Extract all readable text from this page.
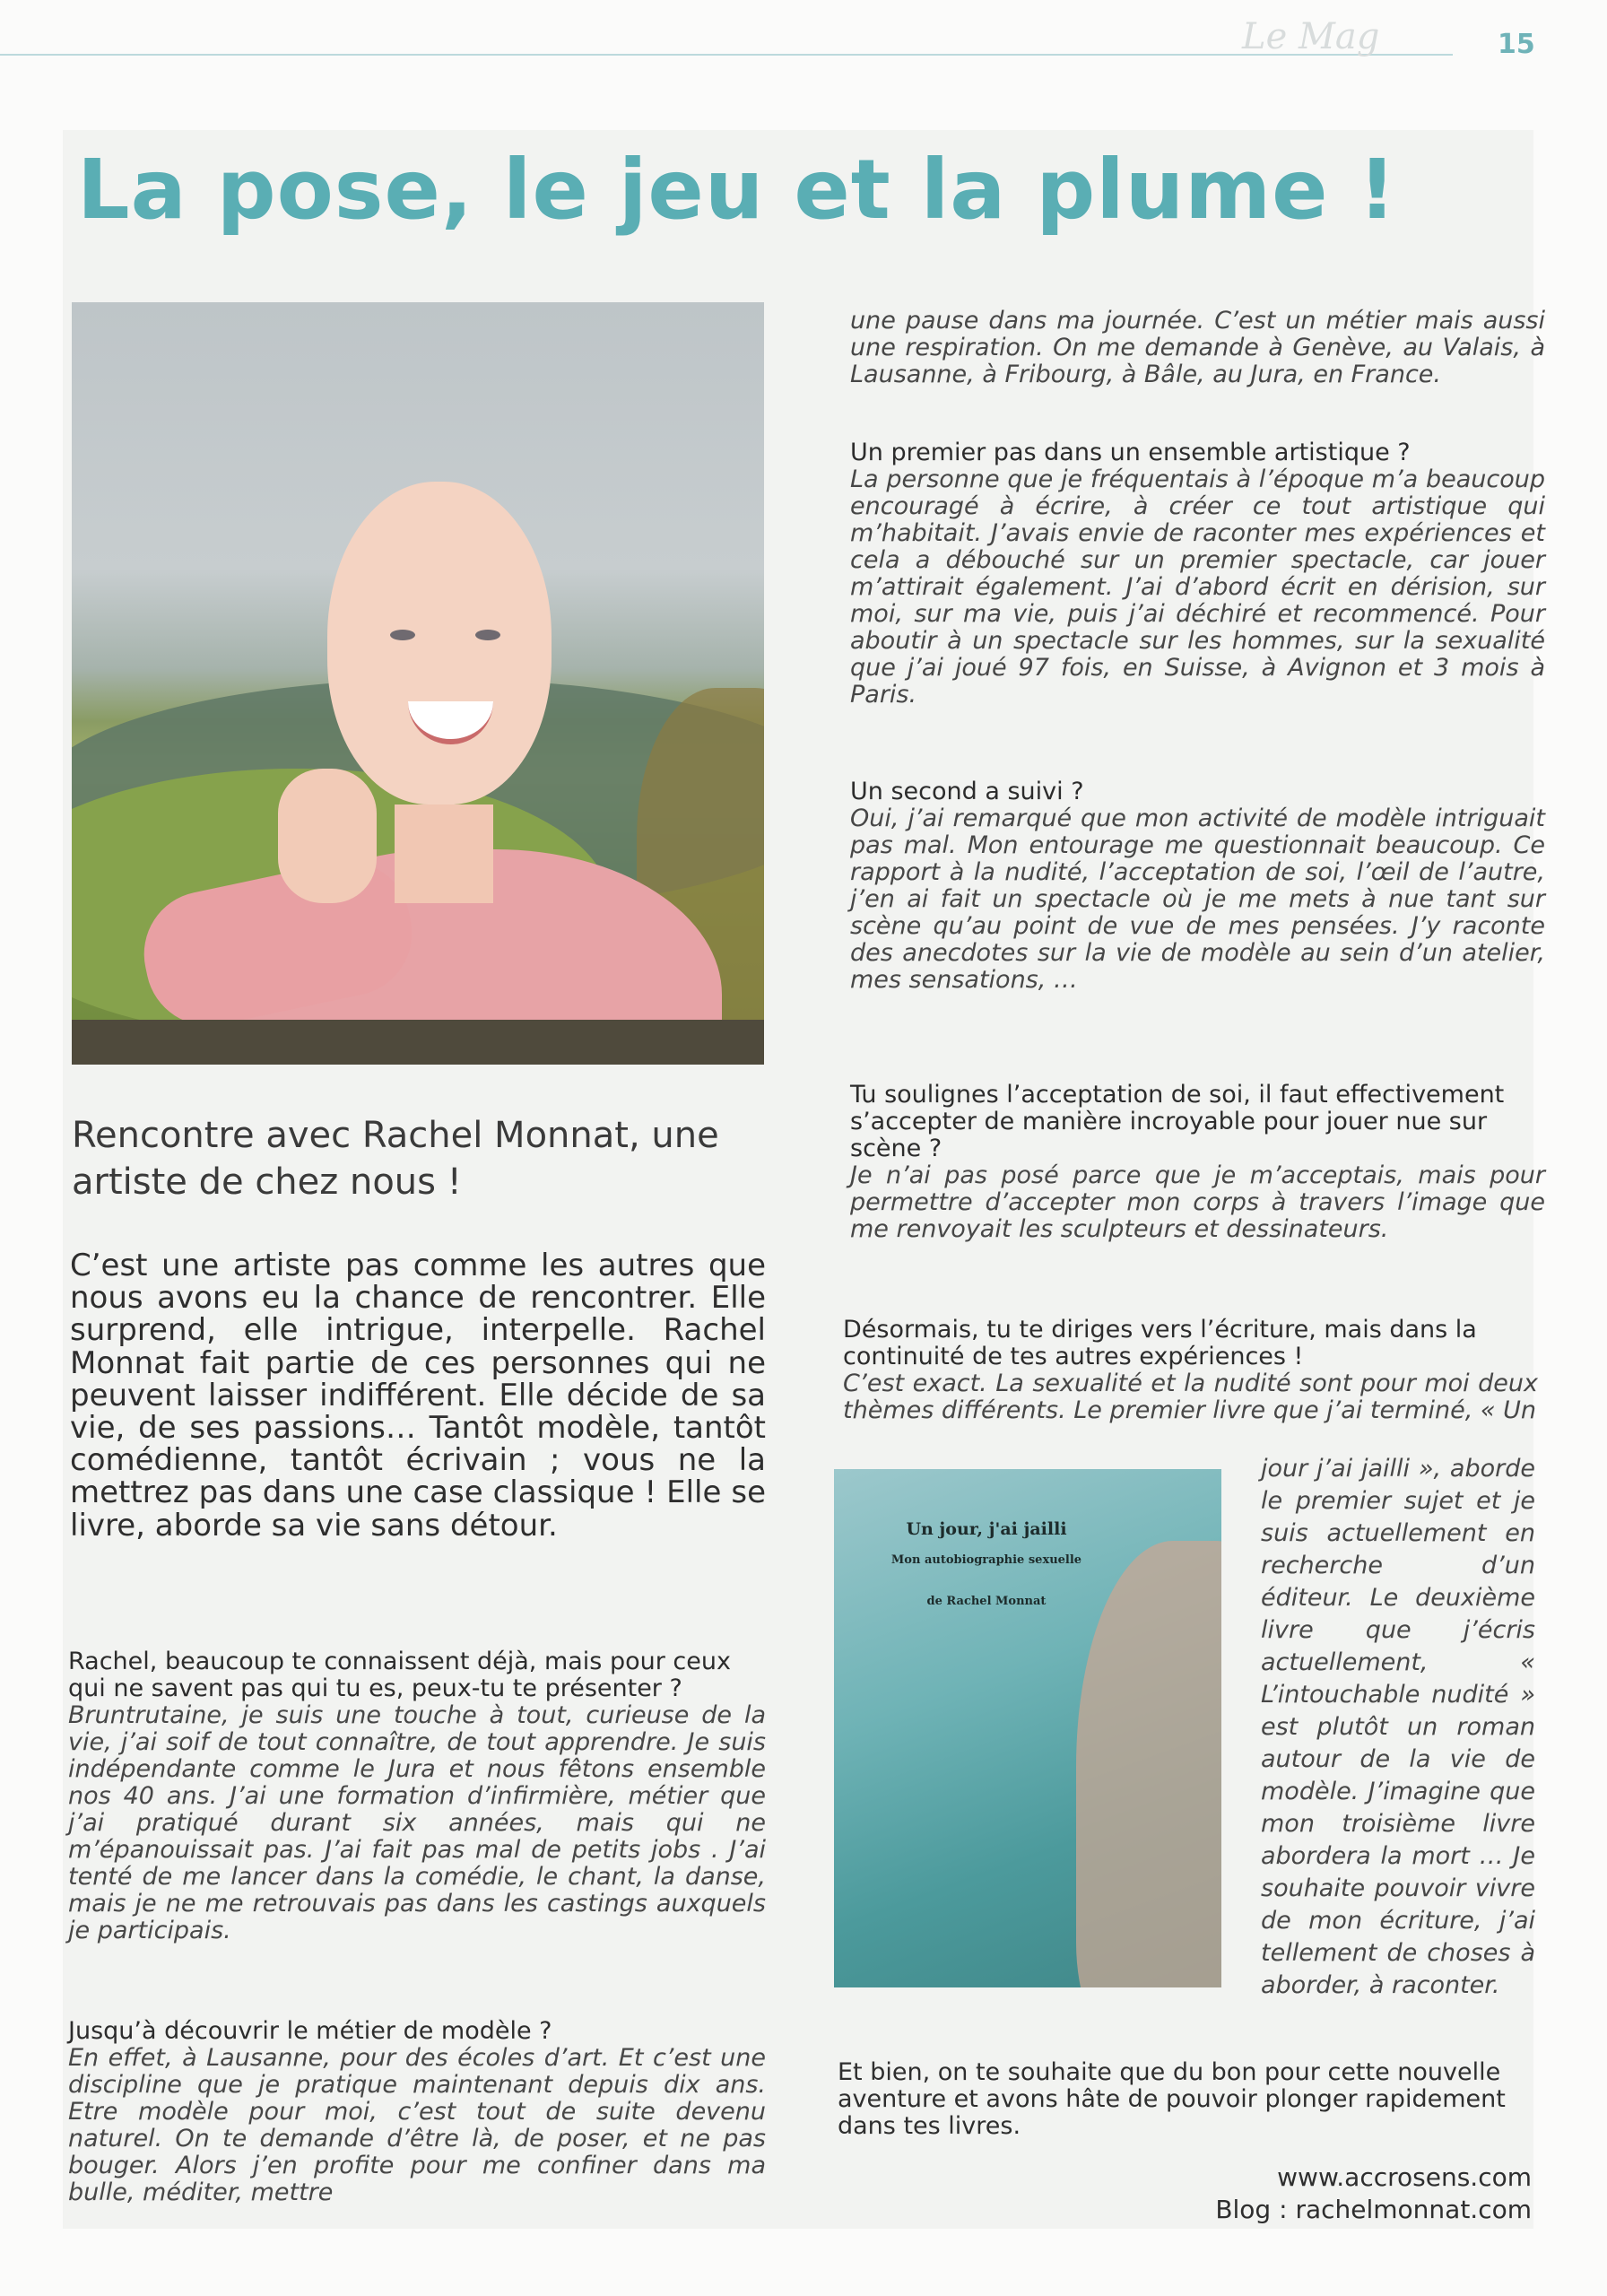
Le Mag	15
La pose, le jeu et la plume !
Rencontre avec Rachel Monnat, une artiste de chez nous !

C’est une artiste pas comme les autres que nous avons eu la chance de rencontrer. Elle surprend, elle intrigue, interpelle. Rachel Monnat fait partie de ces personnes qui ne peuvent laisser indifférent. Elle décide de sa vie, de ses passions… Tantôt modèle, tantôt comédienne, tantôt écrivain ; vous ne la mettrez pas dans une case classique ! Elle se livre, aborde sa vie sans détour.

Rachel, beaucoup te connaissent déjà, mais pour ceux qui ne savent pas qui tu es, peux-tu te présenter ?

Bruntrutaine, je suis une touche à tout, curieuse de la vie, j’ai soif de tout connaître, de tout apprendre. Je suis indépendante comme le Jura et nous fêtons ensemble nos 40 ans. J’ai une formation d’infirmière, métier que j’ai pratiqué durant six années, mais qui ne m’épanouissait pas. J’ai fait pas mal de petits jobs . J’ai tenté de me lancer dans la comédie, le chant, la danse, mais je ne me retrouvais pas dans les castings auxquels je participais.

Jusqu’à découvrir le métier de modèle ?

En effet, à Lausanne, pour des écoles d’art. Et c’est une discipline que je pratique maintenant depuis dix ans. Etre modèle pour moi, c’est tout de suite devenu naturel. On te demande d’être là, de poser, et ne pas bouger. Alors j’en profite pour me confiner dans ma bulle, méditer, mettre

une pause dans ma journée. C’est un métier mais aussi une respiration. On me demande à Genève, au Valais, à Lausanne, à Fribourg, à Bâle, au Jura, en France.

Un premier pas dans un ensemble artistique ?

La personne que je fréquentais à l’époque m’a beaucoup encouragé à écrire, à créer ce tout artistique qui m’habitait. J’avais envie de raconter mes expériences et cela a débouché sur un premier spectacle, car jouer m’attirait également. J’ai d’abord écrit en dérision, sur moi, sur ma vie, puis j’ai déchiré et recommencé. Pour aboutir à un spectacle sur les hommes, sur la sexualité que j’ai joué 97 fois, en Suisse, à Avignon et 3 mois à Paris.

Un second a suivi ?

Oui, j’ai remarqué que mon activité de modèle intriguait pas mal. Mon entourage me questionnait beaucoup. Ce rapport à la nudité, l’acceptation de soi, l’œil de l’autre, j’en ai fait un spectacle où je me mets à nue tant sur scène qu’au point de vue de mes pensées. J’y raconte des anecdotes sur la vie de modèle au sein d’un atelier, mes sensations, …

Tu soulignes l’acceptation de soi, il faut effectivement s’accepter de manière incroyable pour jouer nue sur scène ?

Je n’ai pas posé parce que je m’acceptais, mais pour permettre d’accepter mon corps à travers l’image que me renvoyait les sculpteurs et dessinateurs.

Désormais, tu te diriges vers l’écriture, mais dans la continuité de tes autres expériences !

C’est exact. La sexualité et la nudité sont pour moi deux thèmes différents. Le premier livre que j’ai terminé, « Un

Un jour, j'ai jailli
Mon autobiographie sexuelle
de Rachel Monnat

jour j’ai jailli », aborde le premier sujet et je suis actuellement en recherche d’un éditeur. Le deuxième livre que j’écris actuellement, « L’intouchable nudité » est plutôt un roman autour de la vie de modèle. J’imagine que mon troisième livre abordera la mort … Je souhaite pouvoir vivre de mon écriture, j’ai tellement de choses à aborder, à raconter.

Et bien, on te souhaite que du bon pour cette nouvelle aventure et avons hâte de pouvoir plonger rapidement dans tes livres.

www.accrosens.com

Blog : rachelmonnat.com
